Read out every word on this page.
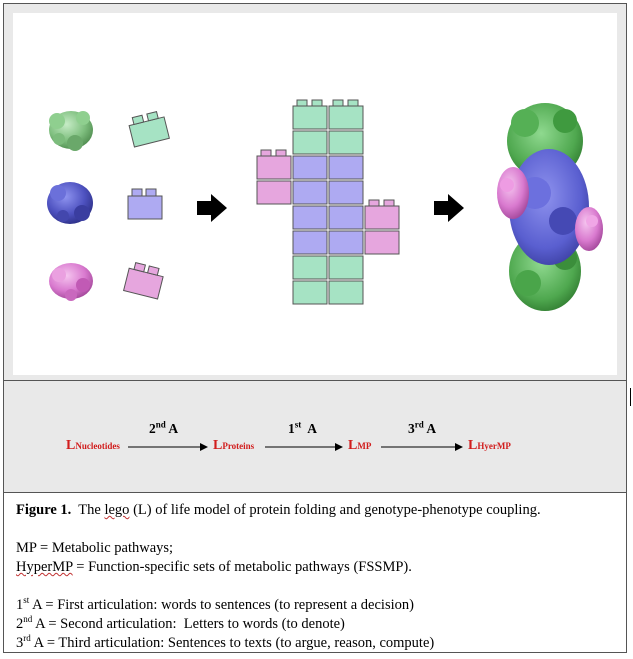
2nd A	1st  A	3rd A
LNucleotides	LProteins	LMP	LHyerMP

Figure 1.  The lego (L) of life model of protein folding and genotype-phenotype coupling.

MP = Metabolic pathways;

HyperMP = Function-specific sets of metabolic pathways (FSSMP).

1st A = First articulation: words to sentences (to represent a decision)

2nd A = Second articulation:  Letters to words (to denote)

3rd A = Third articulation: Sentences to texts (to argue, reason, compute)
